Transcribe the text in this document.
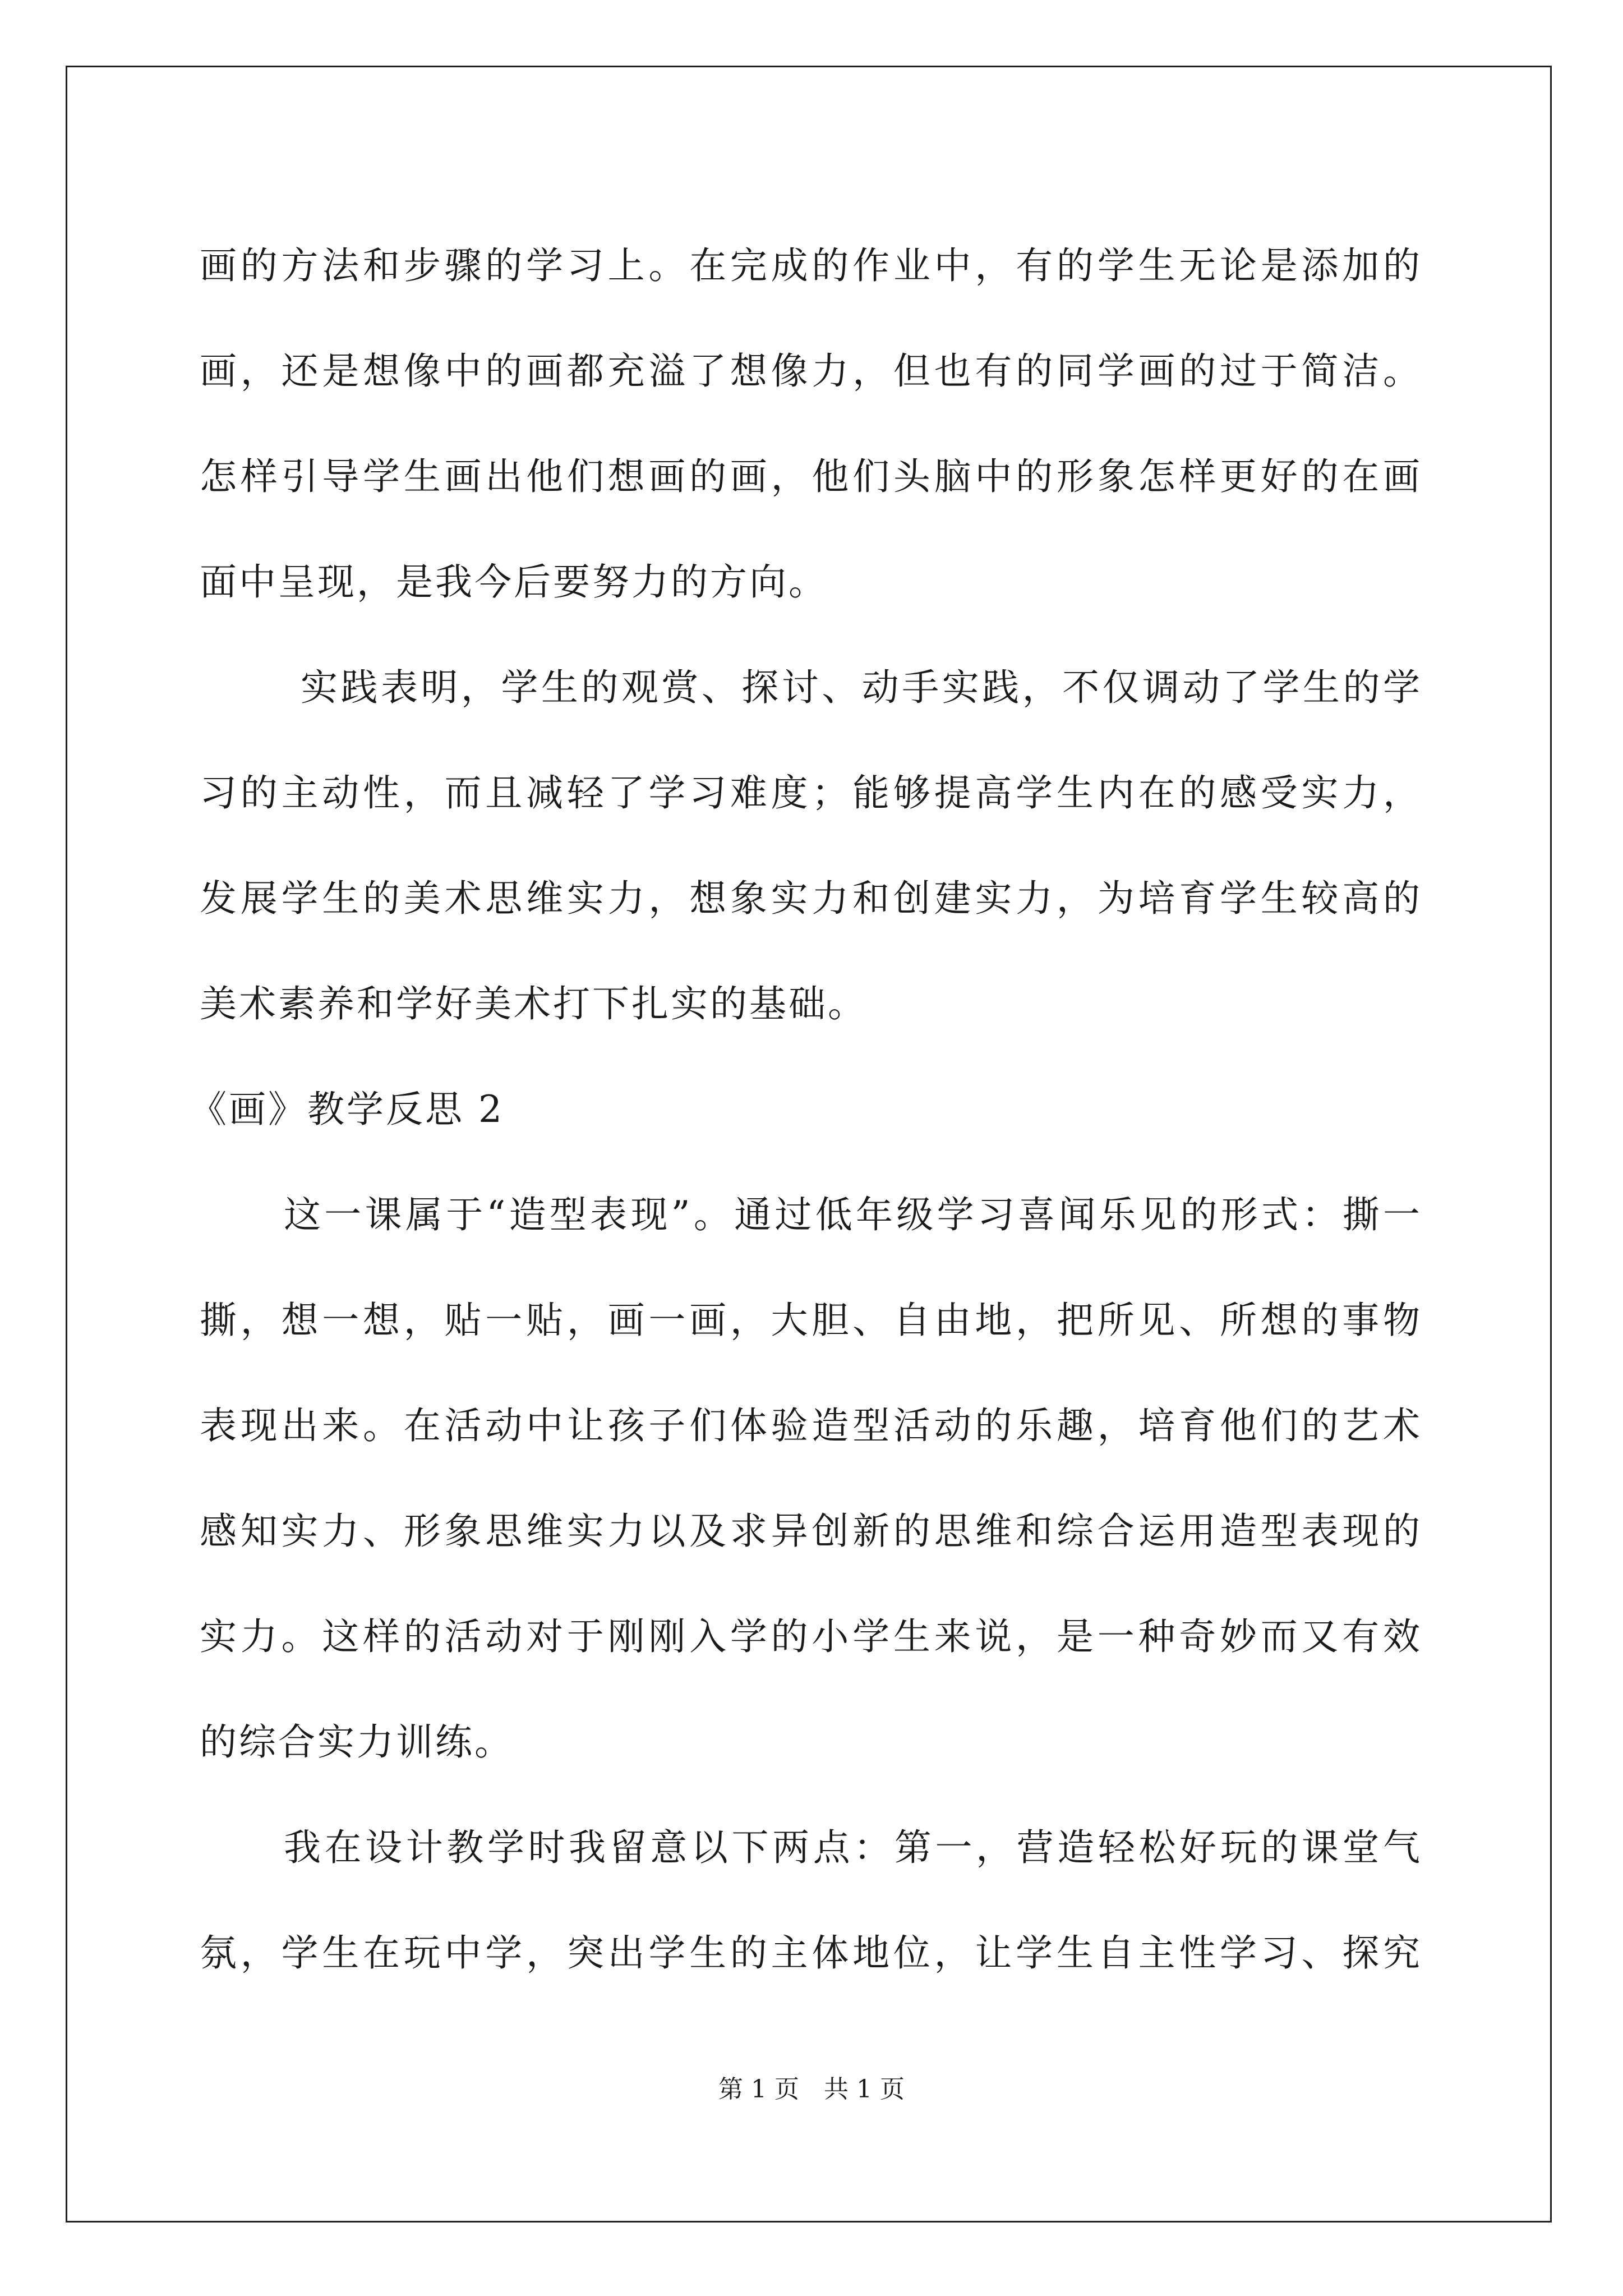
画的方法和步骤的学习上。在完成的作业中，有的学生无论是添加的
画，还是想像中的画都充溢了想像力，但也有的同学画的过于简洁。
怎样引导学生画出他们想画的画，他们头脑中的形象怎样更好的在画
面中呈现，是我今后要努力的方向。
实践表明，学生的观赏、探讨、动手实践，不仅调动了学生的学
习的主动性，而且减轻了学习难度；能够提高学生内在的感受实力，
发展学生的美术思维实力，想象实力和创建实力，为培育学生较高的
美术素养和学好美术打下扎实的基础。
《画》教学反思 2
这一课属于“造型表现”。通过低年级学习喜闻乐见的形式：撕一
撕，想一想，贴一贴，画一画，大胆、自由地，把所见、所想的事物
表现出来。在活动中让孩子们体验造型活动的乐趣，培育他们的艺术
感知实力、形象思维实力以及求异创新的思维和综合运用造型表现的
实力。这样的活动对于刚刚入学的小学生来说，是一种奇妙而又有效
的综合实力训练。
我在设计教学时我留意以下两点：第一，营造轻松好玩的课堂气
氛，学生在玩中学，突出学生的主体地位，让学生自主性学习、探究
第 1 页 共 1 页
